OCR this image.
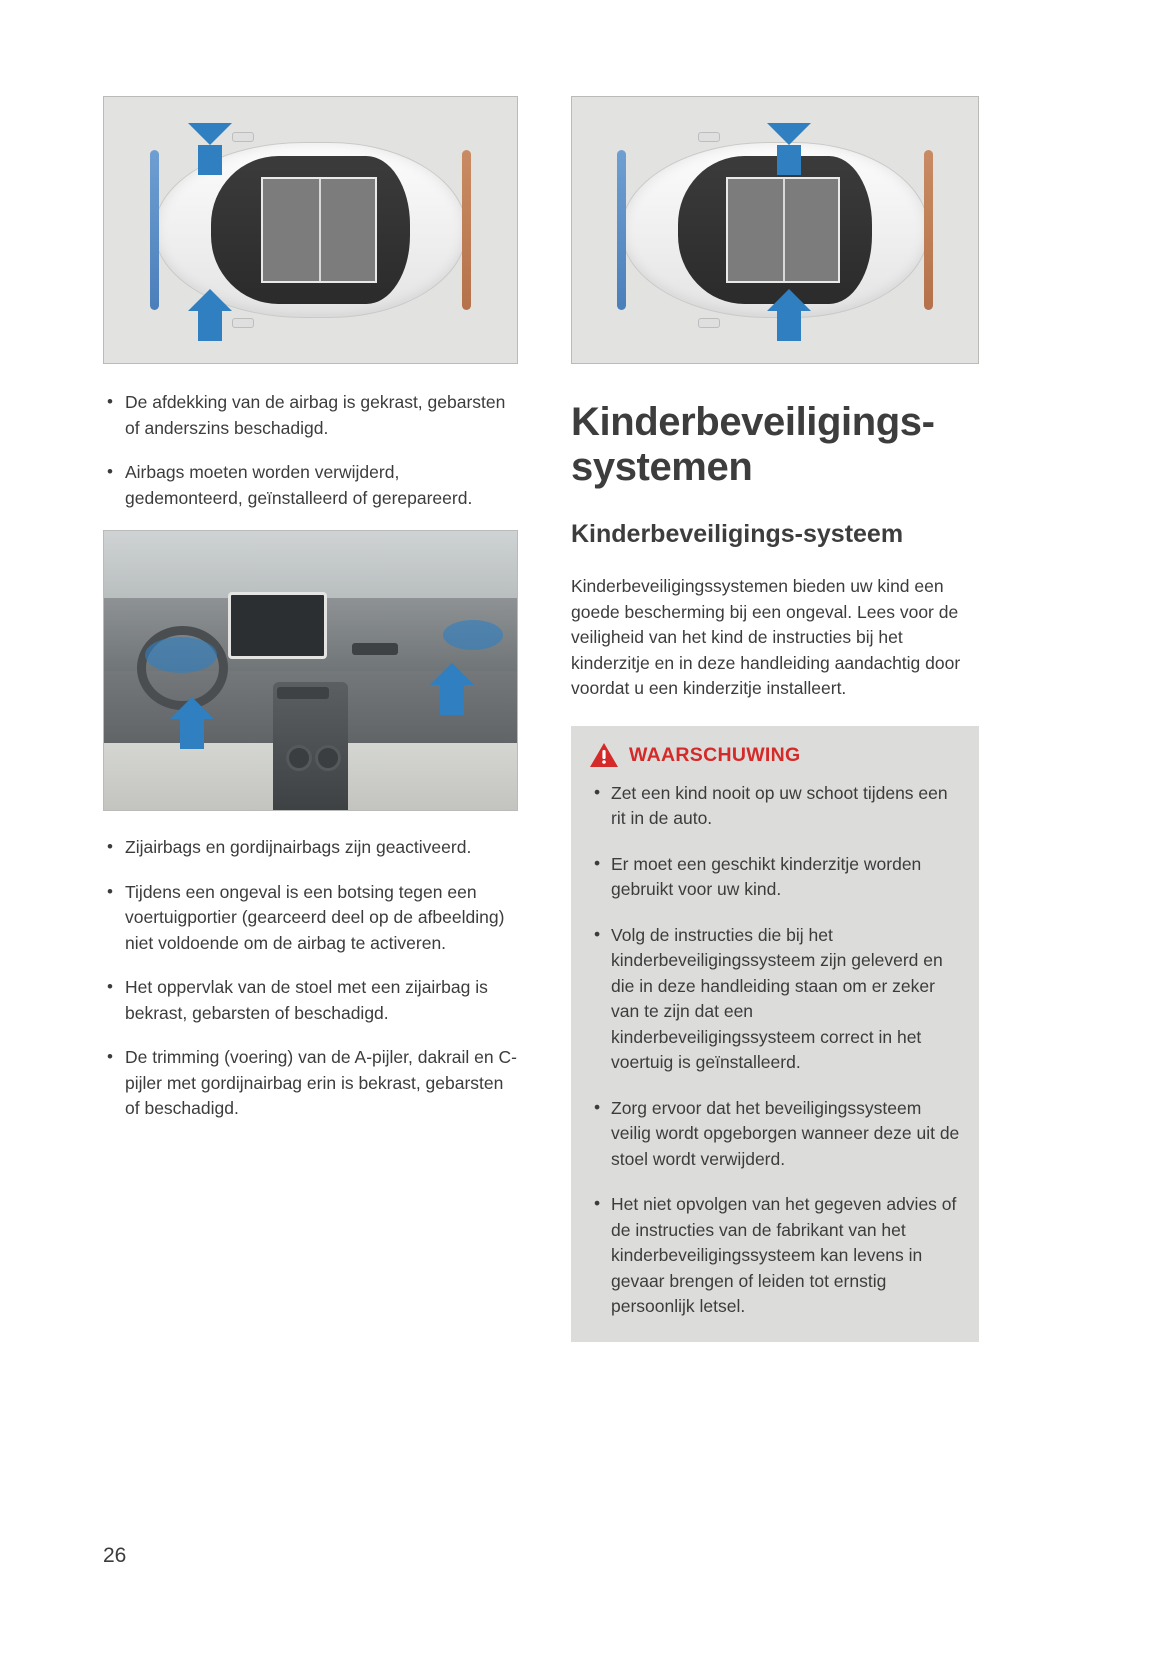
• De afdekking van de airbag is gekrast, gebarsten of anderszins beschadigd.
• Airbags moeten worden verwijderd, gedemonteerd, geïnstalleerd of gerepareerd.
• Zijairbags en gordijnairbags zijn geactiveerd.
• Tijdens een ongeval is een botsing tegen een voertuigportier (gearceerd deel op de afbeelding) niet voldoende om de airbag te activeren.
• Het oppervlak van de stoel met een zijairbag is bekrast, gebarsten of beschadigd.
• De trimming (voering) van de A-pijler, dakrail en C-pijler met gordijnairbag erin is bekrast, gebarsten of beschadigd.
Kinderbeveiligings-systemen
Kinderbeveiligings-systeem

Kinderbeveiligingssystemen bieden uw kind een goede bescherming bij een ongeval. Lees voor de veiligheid van het kind de instructies bij het kinderzitje en in deze handleiding aandachtig door voordat u een kinderzitje installeert.

WAARSCHUWING
• Zet een kind nooit op uw schoot tijdens een rit in de auto.
• Er moet een geschikt kinderzitje worden gebruikt voor uw kind.
• Volg de instructies die bij het kinderbeveiligingssysteem zijn geleverd en die in deze handleiding staan om er zeker van te zijn dat een kinderbeveiligingssysteem correct in het voertuig is geïnstalleerd.
• Zorg ervoor dat het beveiligingssysteem veilig wordt opgeborgen wanneer deze uit de stoel wordt verwijderd.
• Het niet opvolgen van het gegeven advies of de instructies van de fabrikant van het kinderbeveiligingssysteem kan levens in gevaar brengen of leiden tot ernstig persoonlijk letsel.
26
